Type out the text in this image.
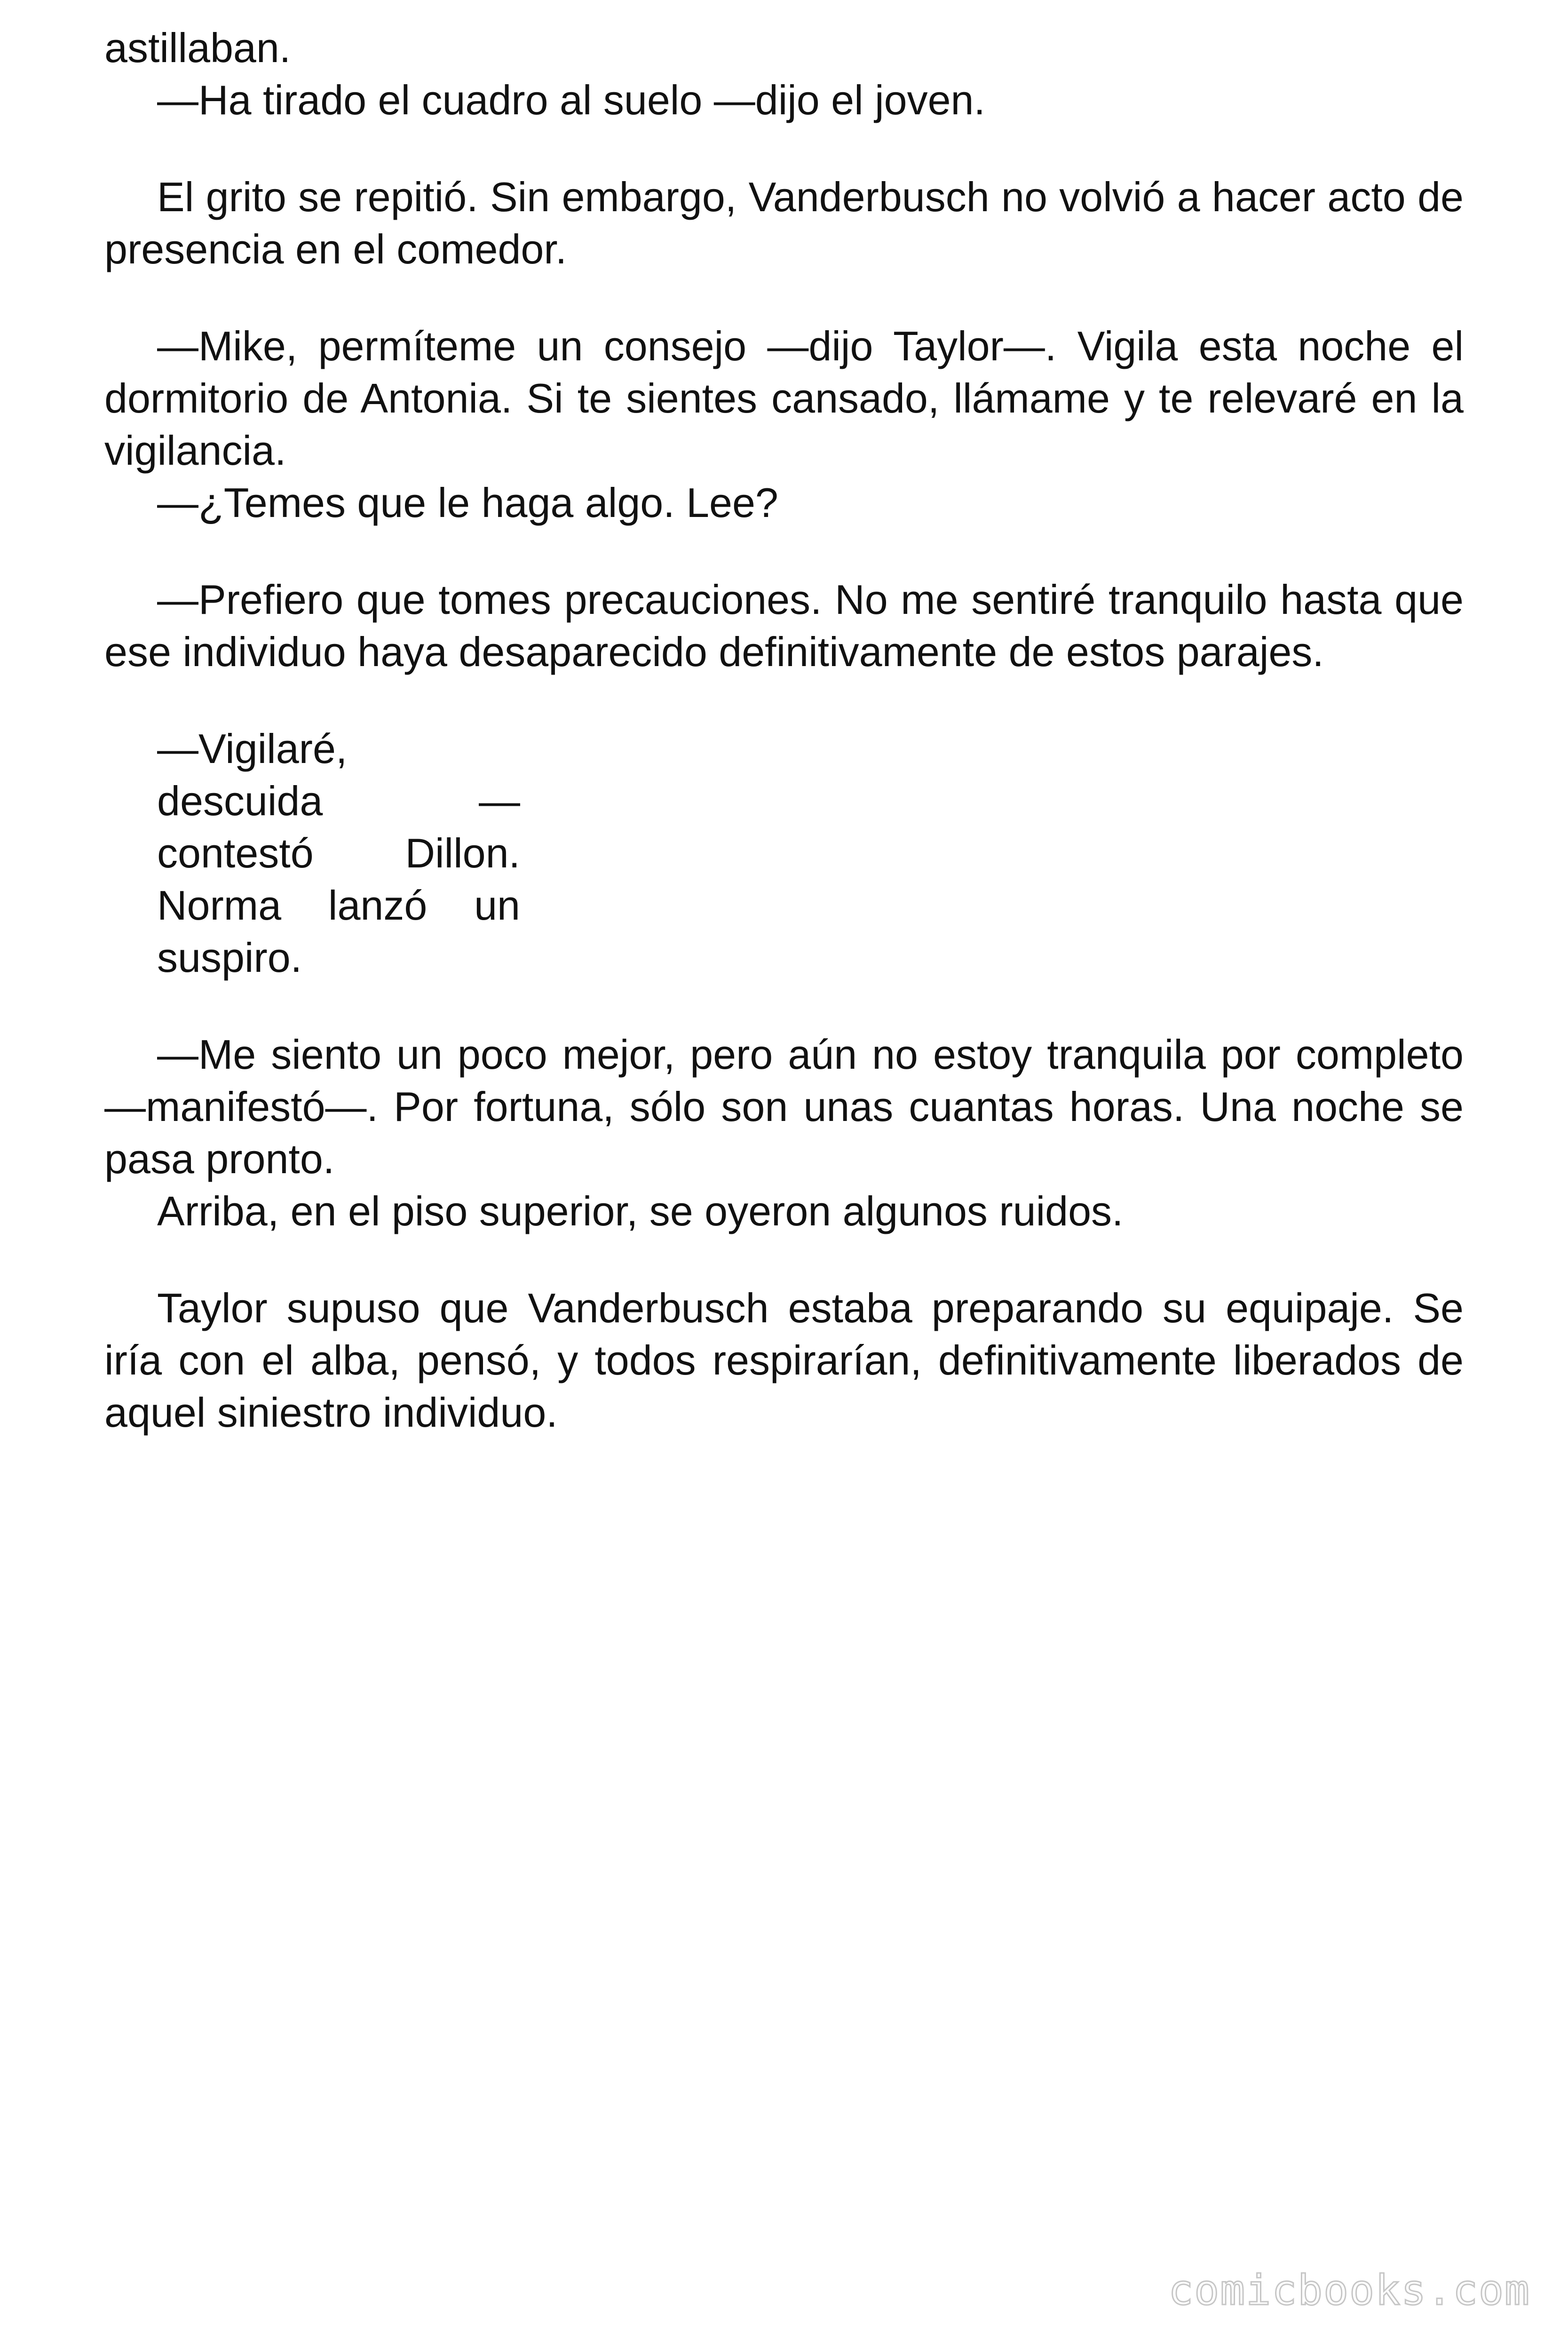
astillaban.

—Ha tirado el cuadro al suelo —dijo el joven.

El grito se repitió. Sin embargo, Vanderbusch no volvió a hacer acto de presencia en el comedor.

—Mike, permíteme un consejo —dijo Taylor—. Vigila esta noche el dormitorio de Antonia. Si te sientes cansado, llámame y te relevaré en la vigilancia.

—¿Temes que le haga algo. Lee?

—Prefiero que tomes precauciones. No me sentiré tranquilo hasta que ese individuo haya desaparecido definitivamente de estos parajes.

—Vigilaré,
descuida —
contestó Dillon.
Norma lanzó un
suspiro.

—Me siento un poco mejor, pero aún no estoy tranquila por completo —manifestó—. Por fortuna, sólo son unas cuantas horas. Una noche se pasa pronto.

Arriba, en el piso superior, se oyeron algunos ruidos.

Taylor supuso que Vanderbusch estaba preparando su equipaje. Se iría con el alba, pensó, y todos respirarían, definitivamente liberados de aquel siniestro individuo.

comicbooks.com
